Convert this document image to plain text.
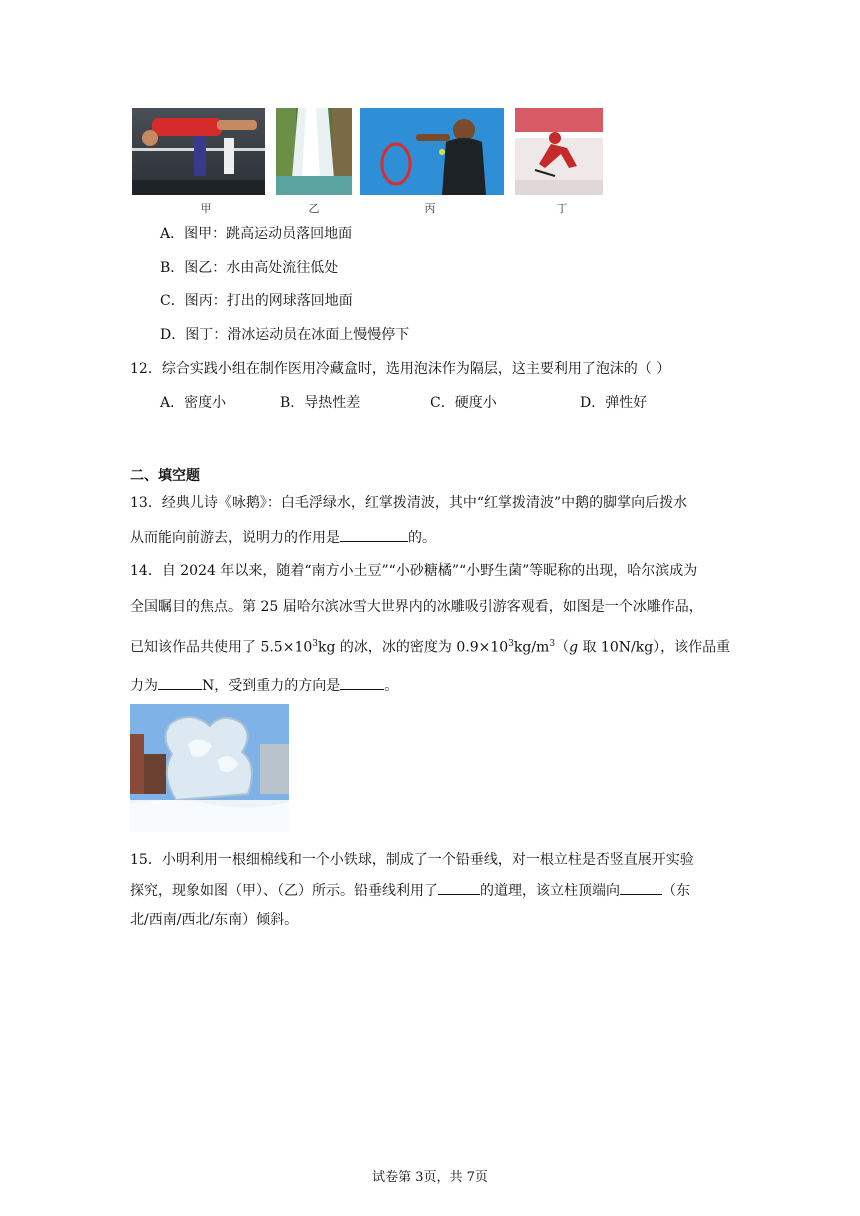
甲	乙	丙	丁
A．图甲：跳高运动员落回地面
B．图乙：水由高处流往低处
C．图丙：打出的网球落回地面
D．图丁：滑冰运动员在冰面上慢慢停下
12．综合实践小组在制作医用冷藏盒时，选用泡沫作为隔层，这主要利用了泡沫的（ ）
A．密度小	B．导热性差	C．硬度小	D．弹性好
二、填空题
13．经典儿诗《咏鹅》：白毛浮绿水，红掌拨清波，其中“红掌拨清波”中鹅的脚掌向后拨水
从而能向前游去，说明力的作用是	的。
14．自 2024 年以来，随着“南方小土豆”“小砂糖橘”“小野生菌”等昵称的出现，哈尔滨成为
全国瞩目的焦点。第 25 届哈尔滨冰雪大世界内的冰雕吸引游客观看，如图是一个冰雕作品，
已知该作品共使用了 $5.5\times 10^3kg$ 的冰，冰的密度为 $0.9\times 10^3kg/m^3(g$ 取 10N/kg），该作品重
力为	N，受到重力的方向是	。
15．小明利用一根细棉线和一个小铁球，制成了一个铅垂线，对一根立柱是否竖直展开实验
探究，现象如图（甲）、（乙）所示。铅垂线利用了	的道理，该立柱顶端向	（东
北/西南/西北/东南）倾斜。
试卷第 3页，共 7页
